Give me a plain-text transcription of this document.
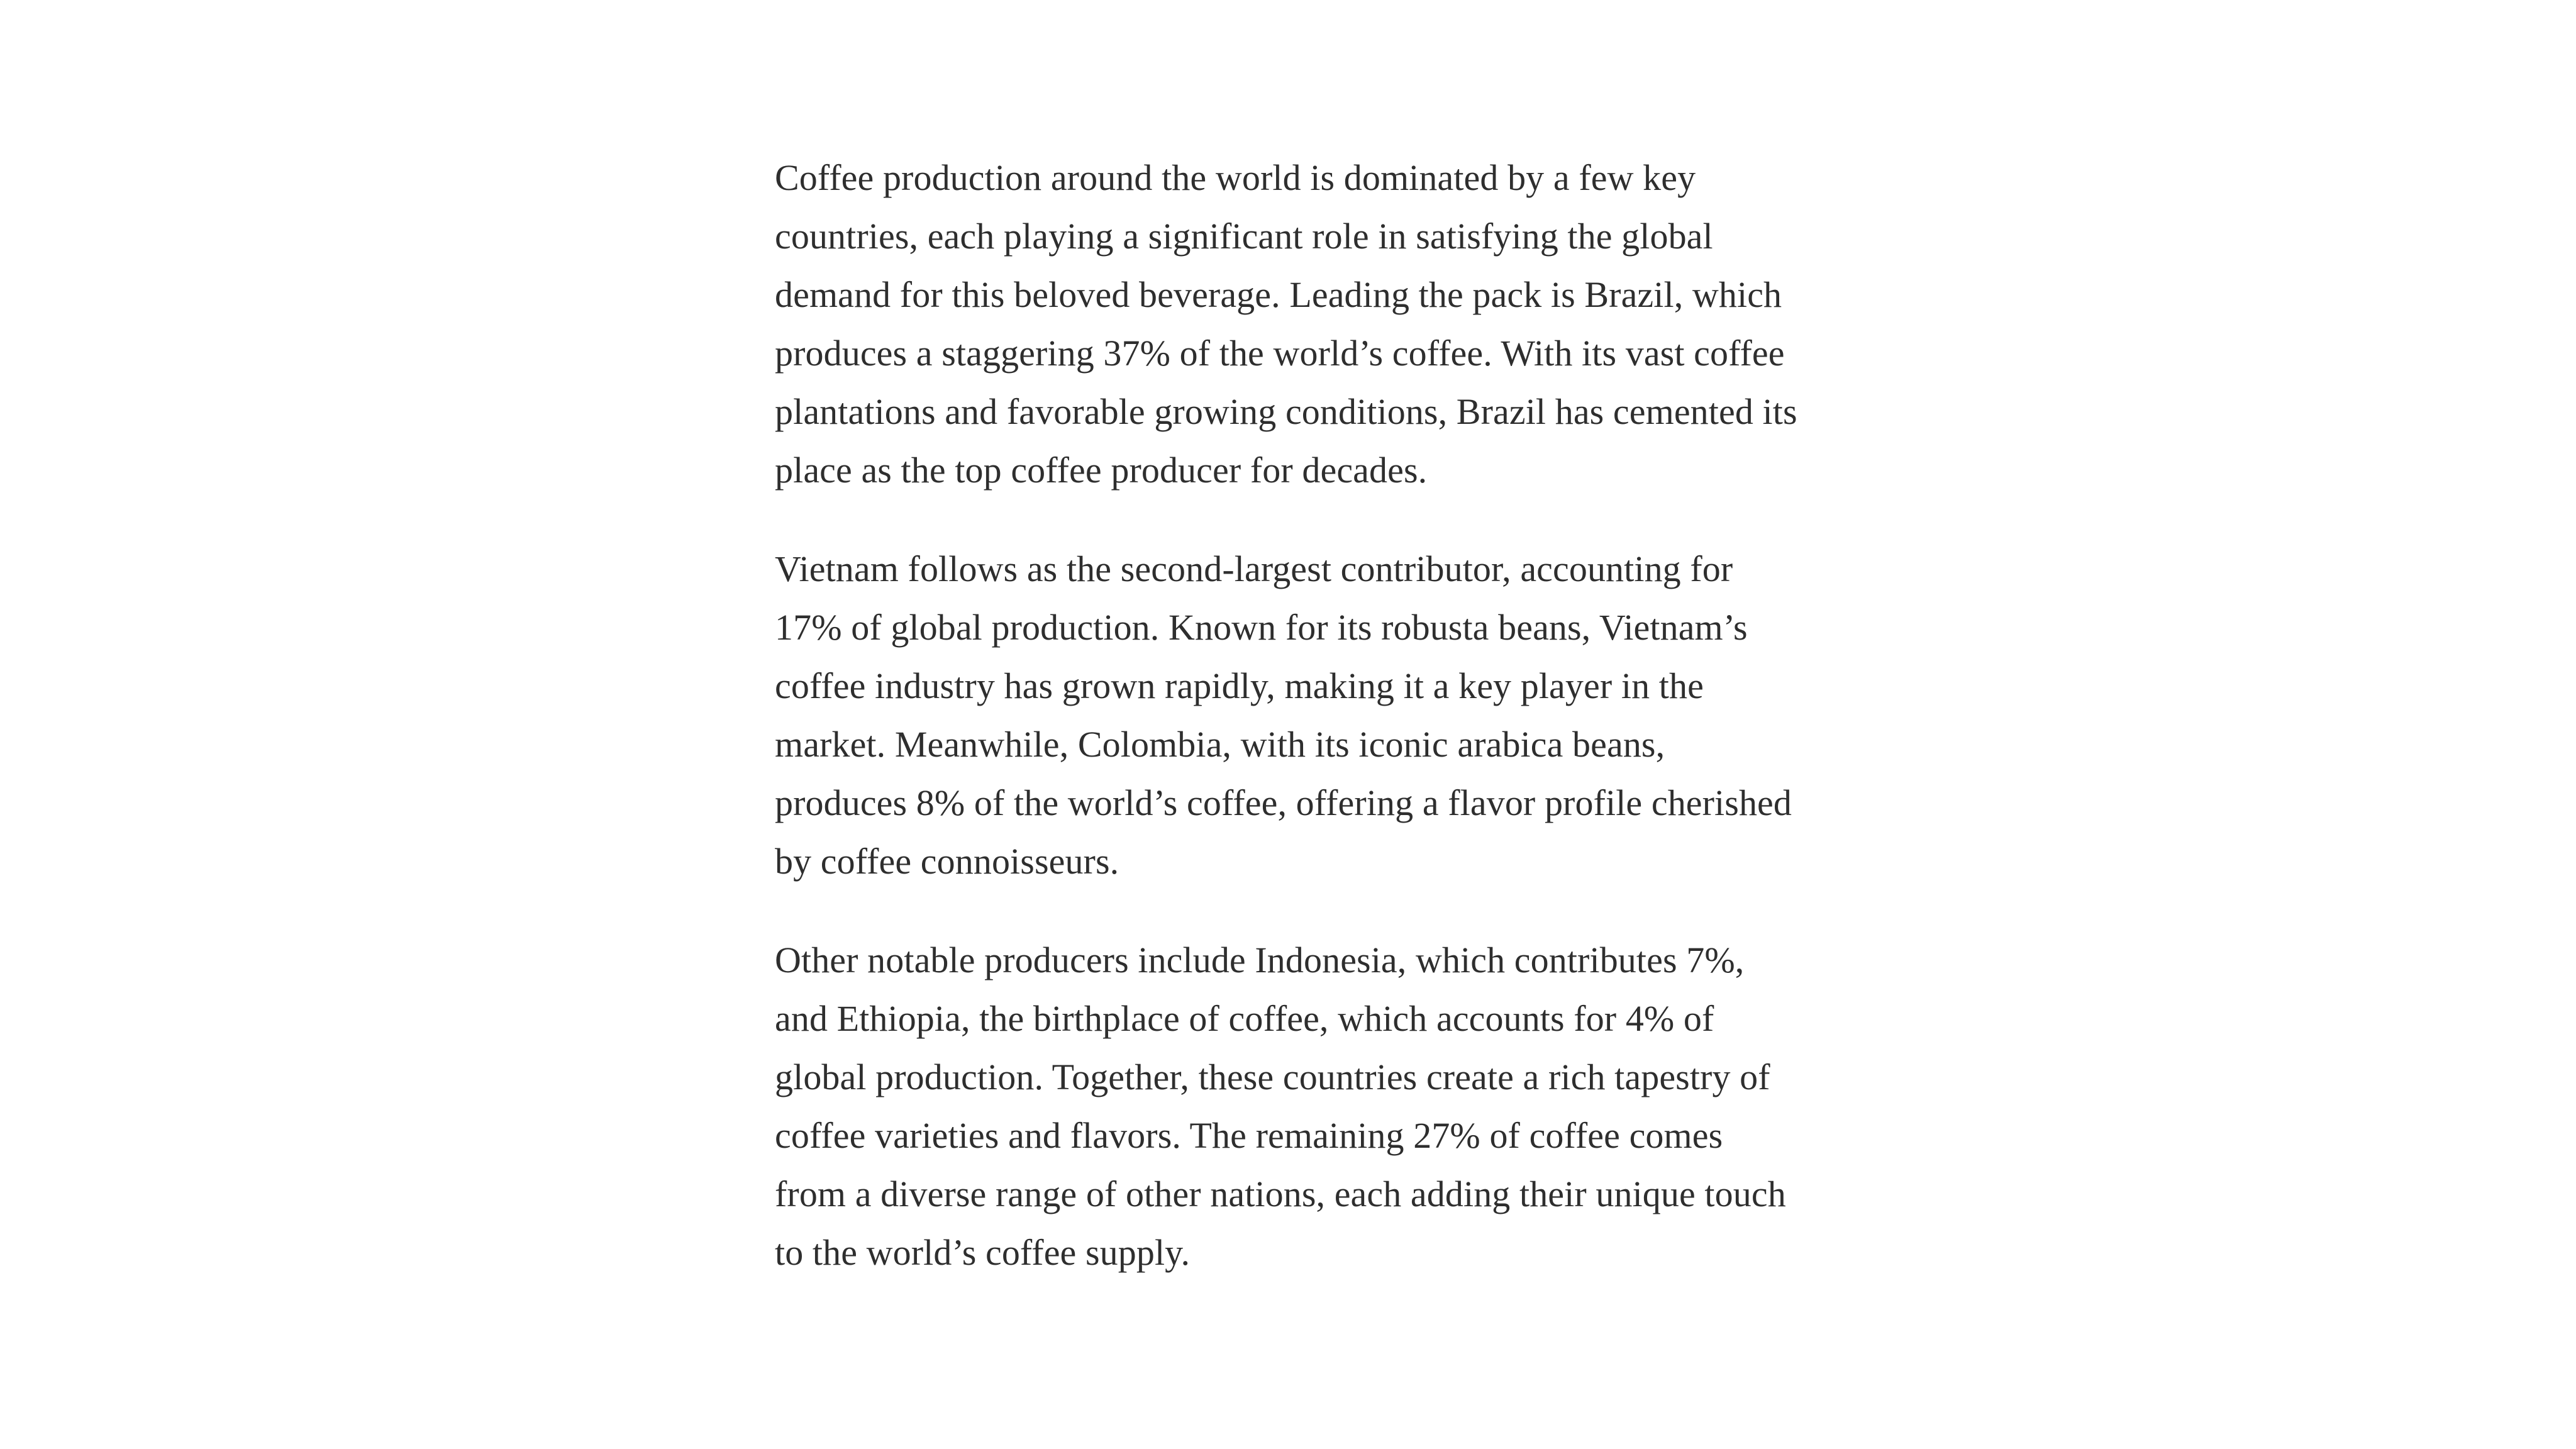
Coffee production around the world is dominated by a few key countries, each playing a significant role in satisfying the global demand for this beloved beverage. Leading the pack is Brazil, which produces a staggering 37% of the world’s coffee. With its vast coffee plantations and favorable growing conditions, Brazil has cemented its place as the top coffee producer for decades.

Vietnam follows as the second-largest contributor, accounting for 17% of global production. Known for its robusta beans, Vietnam’s coffee industry has grown rapidly, making it a key player in the market. Meanwhile, Colombia, with its iconic arabica beans, produces 8% of the world’s coffee, offering a flavor profile cherished by coffee connoisseurs.

Other notable producers include Indonesia, which contributes 7%, and Ethiopia, the birthplace of coffee, which accounts for 4% of global production. Together, these countries create a rich tapestry of coffee varieties and flavors. The remaining 27% of coffee comes from a diverse range of other nations, each adding their unique touch to the world’s coffee supply.
